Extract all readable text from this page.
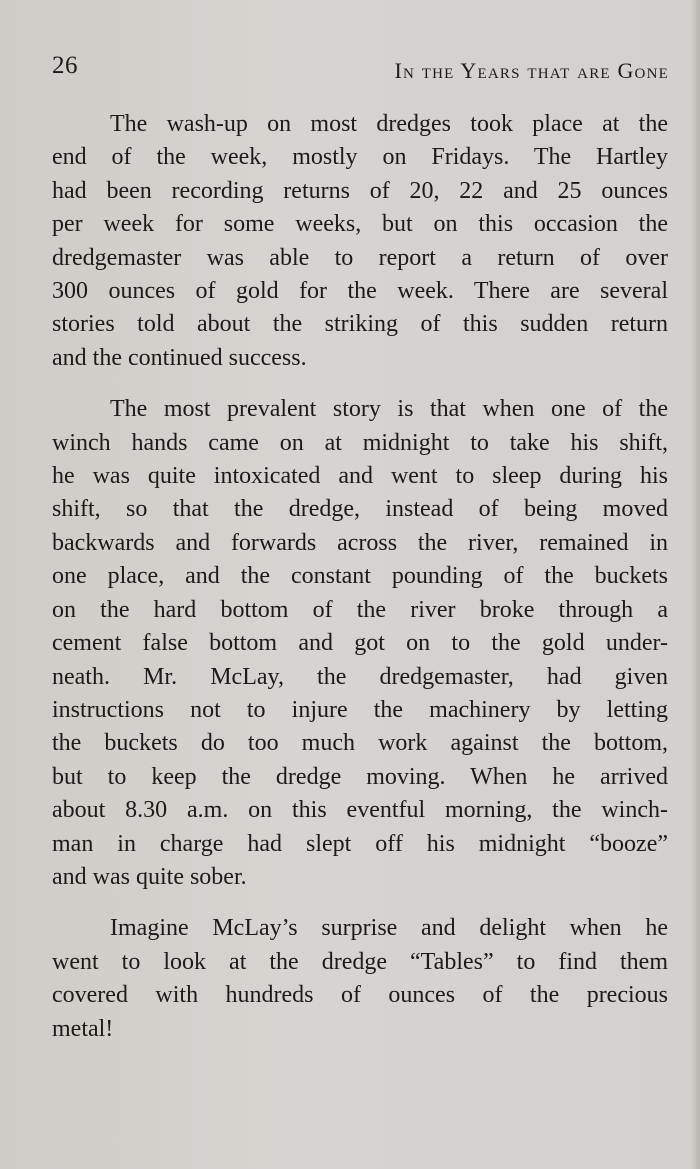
26	In the Years that are Gone
The wash-up on most dredges took place at the
end of the week, mostly on Fridays. The Hartley
had been recording returns of 20, 22 and 25 ounces
per week for some weeks, but on this occasion the
dredgemaster was able to report a return of over
300 ounces of gold for the week. There are several
stories told about the striking of this sudden return
and the continued success.
The most prevalent story is that when one of the
winch hands came on at midnight to take his shift,
he was quite intoxicated and went to sleep during his
shift, so that the dredge, instead of being moved
backwards and forwards across the river, remained in
one place, and the constant pounding of the buckets
on the hard bottom of the river broke through a
cement false bottom and got on to the gold under-
neath. Mr. McLay, the dredgemaster, had given
instructions not to injure the machinery by letting
the buckets do too much work against the bottom,
but to keep the dredge moving. When he arrived
about 8.30 a.m. on this eventful morning, the winch-
man in charge had slept off his midnight “booze”
and was quite sober.
Imagine McLay’s surprise and delight when he
went to look at the dredge “Tables” to find them
covered with hundreds of ounces of the precious
metal!
